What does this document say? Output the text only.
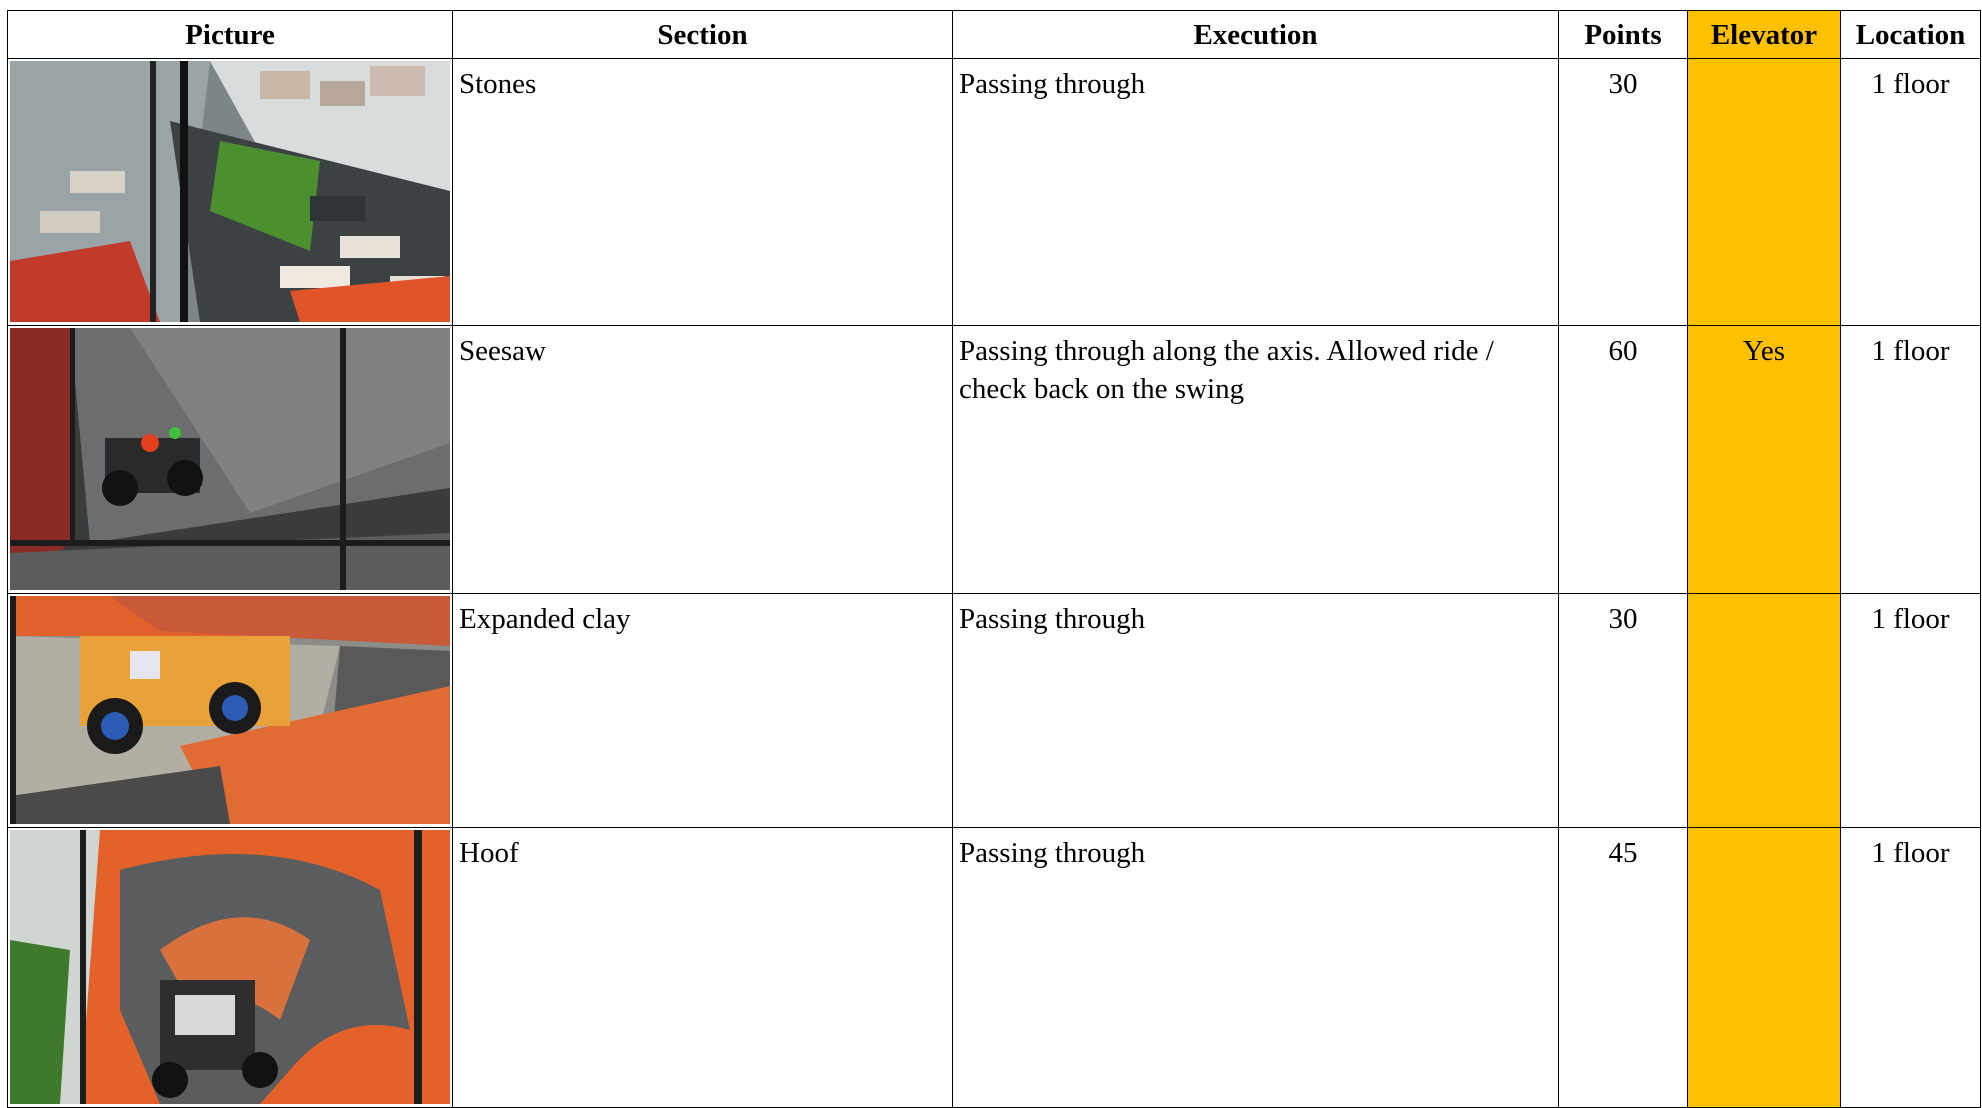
Picture	Section	Execution	Points	Elevator	Location

	Stones	Passing through	30		1 floor

	Seesaw	Passing through along the axis. Allowed ride / check back on the swing	60	Yes	1 floor

	Expanded clay	Passing through	30		1 floor

	Hoof	Passing through	45		1 floor
